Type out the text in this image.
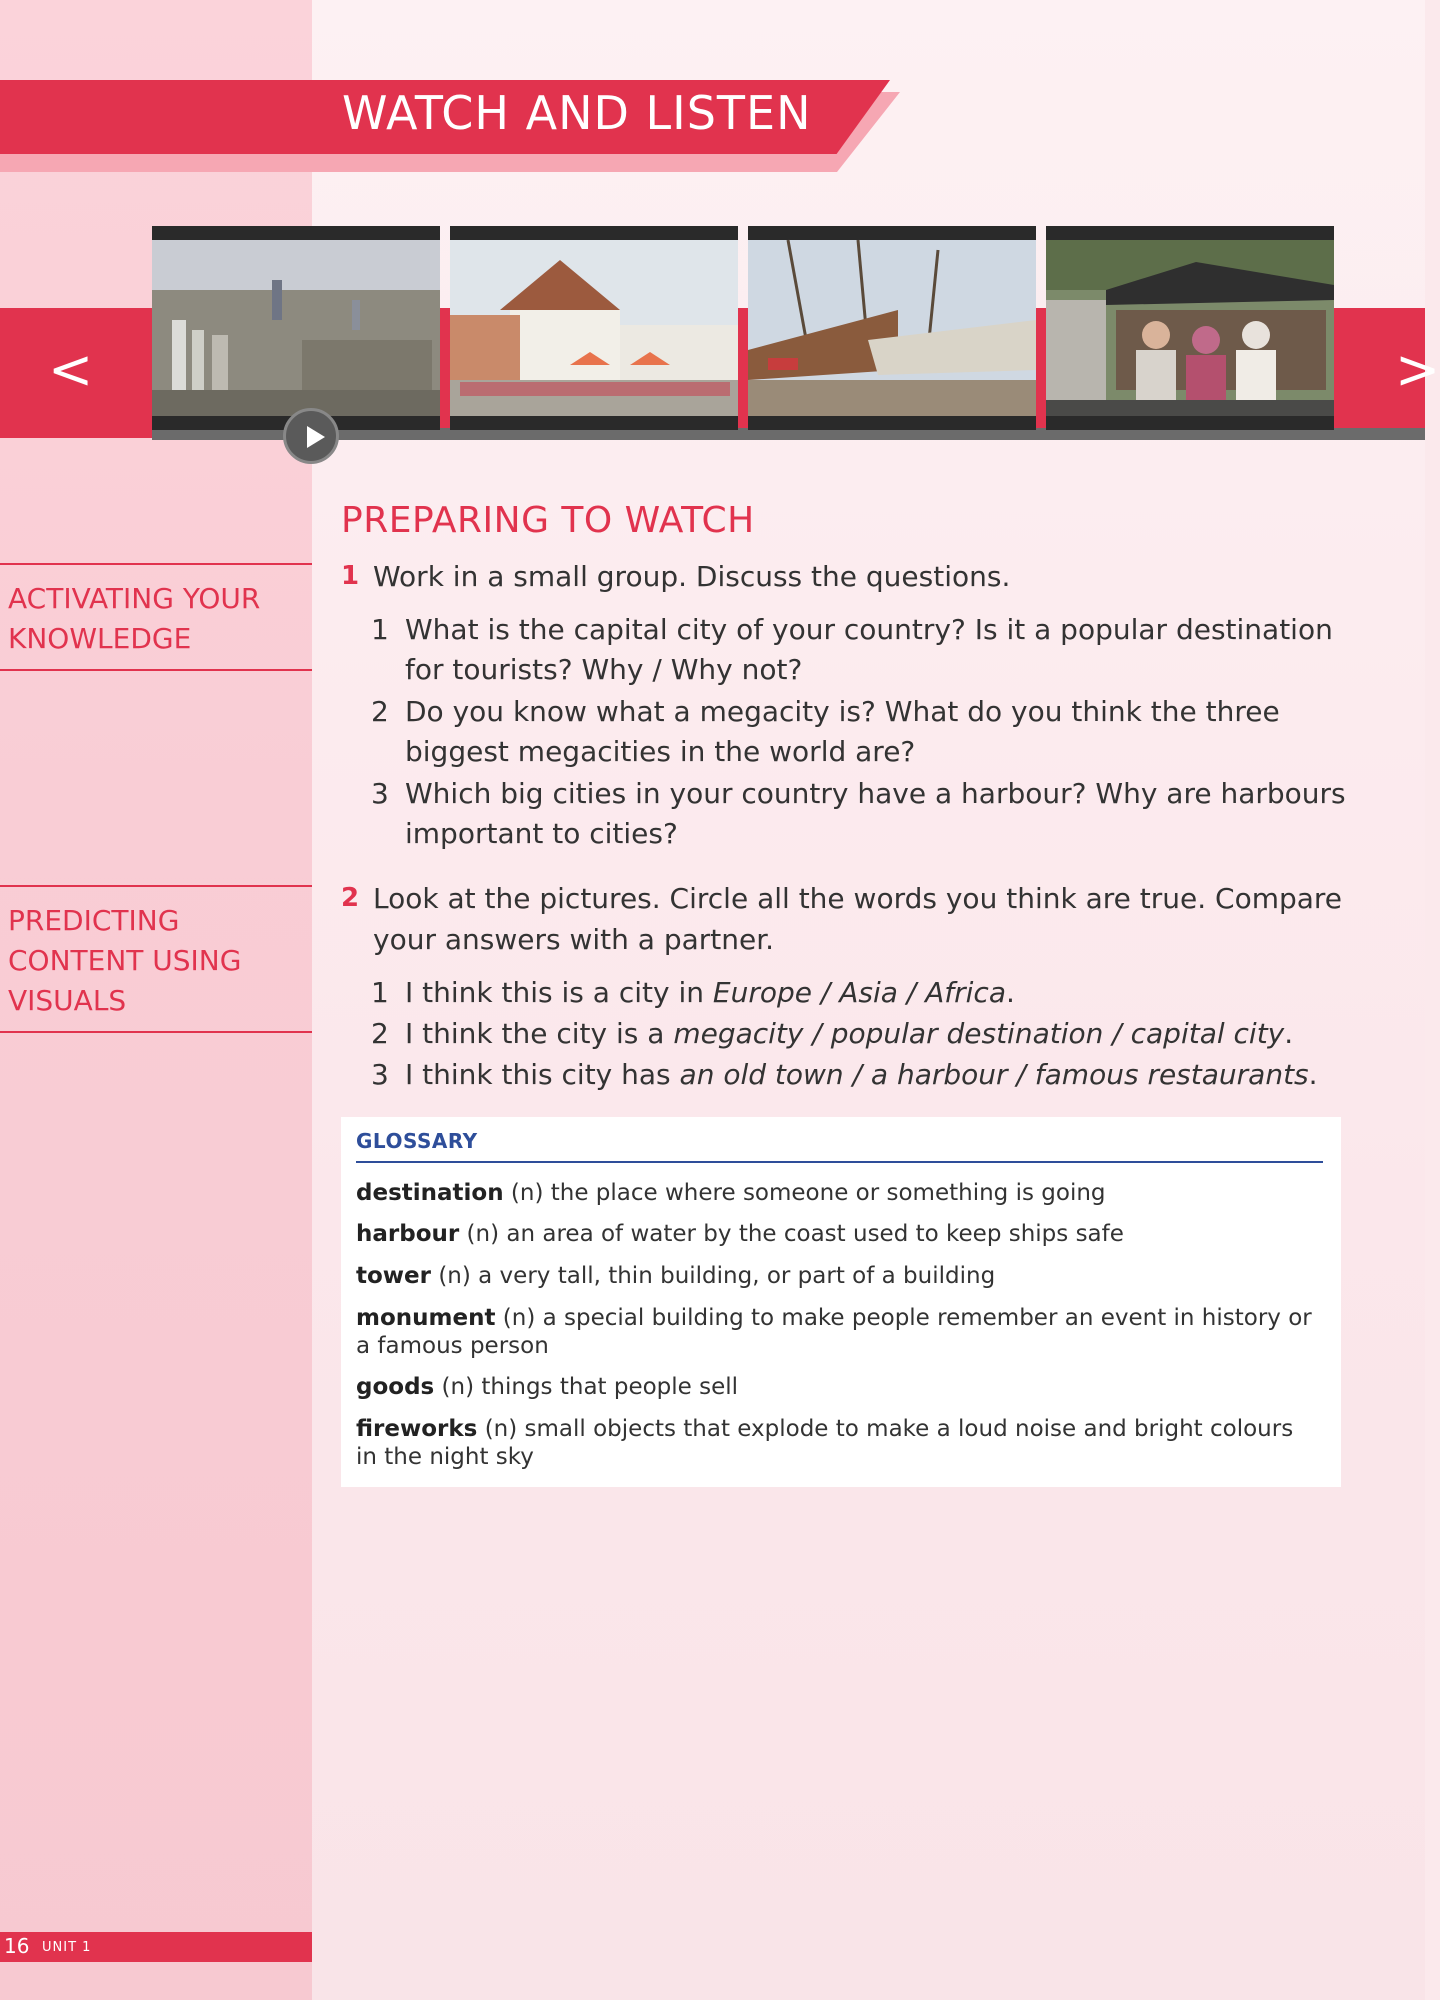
WATCH AND LISTEN
<	>
ACTIVATING YOUR
KNOWLEDGE
PREDICTING
CONTENT USING
VISUALS
PREPARING TO WATCH
1 Work in a small group. Discuss the questions.
1 What is the capital city of your country? Is it a popular destination for tourists? Why / Why not?
2 Do you know what a megacity is? What do you think the three biggest megacities in the world are?
3 Which big cities in your country have a harbour? Why are harbours important to cities?
2 Look at the pictures. Circle all the words you think are true. Compare your answers with a partner.
1 I think this is a city in Europe / Asia / Africa.
2 I think the city is a megacity / popular destination / capital city.
3 I think this city has an old town / a harbour / famous restaurants.
GLOSSARY
destination (n) the place where someone or something is going
harbour (n) an area of water by the coast used to keep ships safe
tower (n) a very tall, thin building, or part of a building
monument (n) a special building to make people remember an event in history or a famous person
goods (n) things that people sell
fireworks (n) small objects that explode to make a loud noise and bright colours in the night sky
16 UNIT 1
